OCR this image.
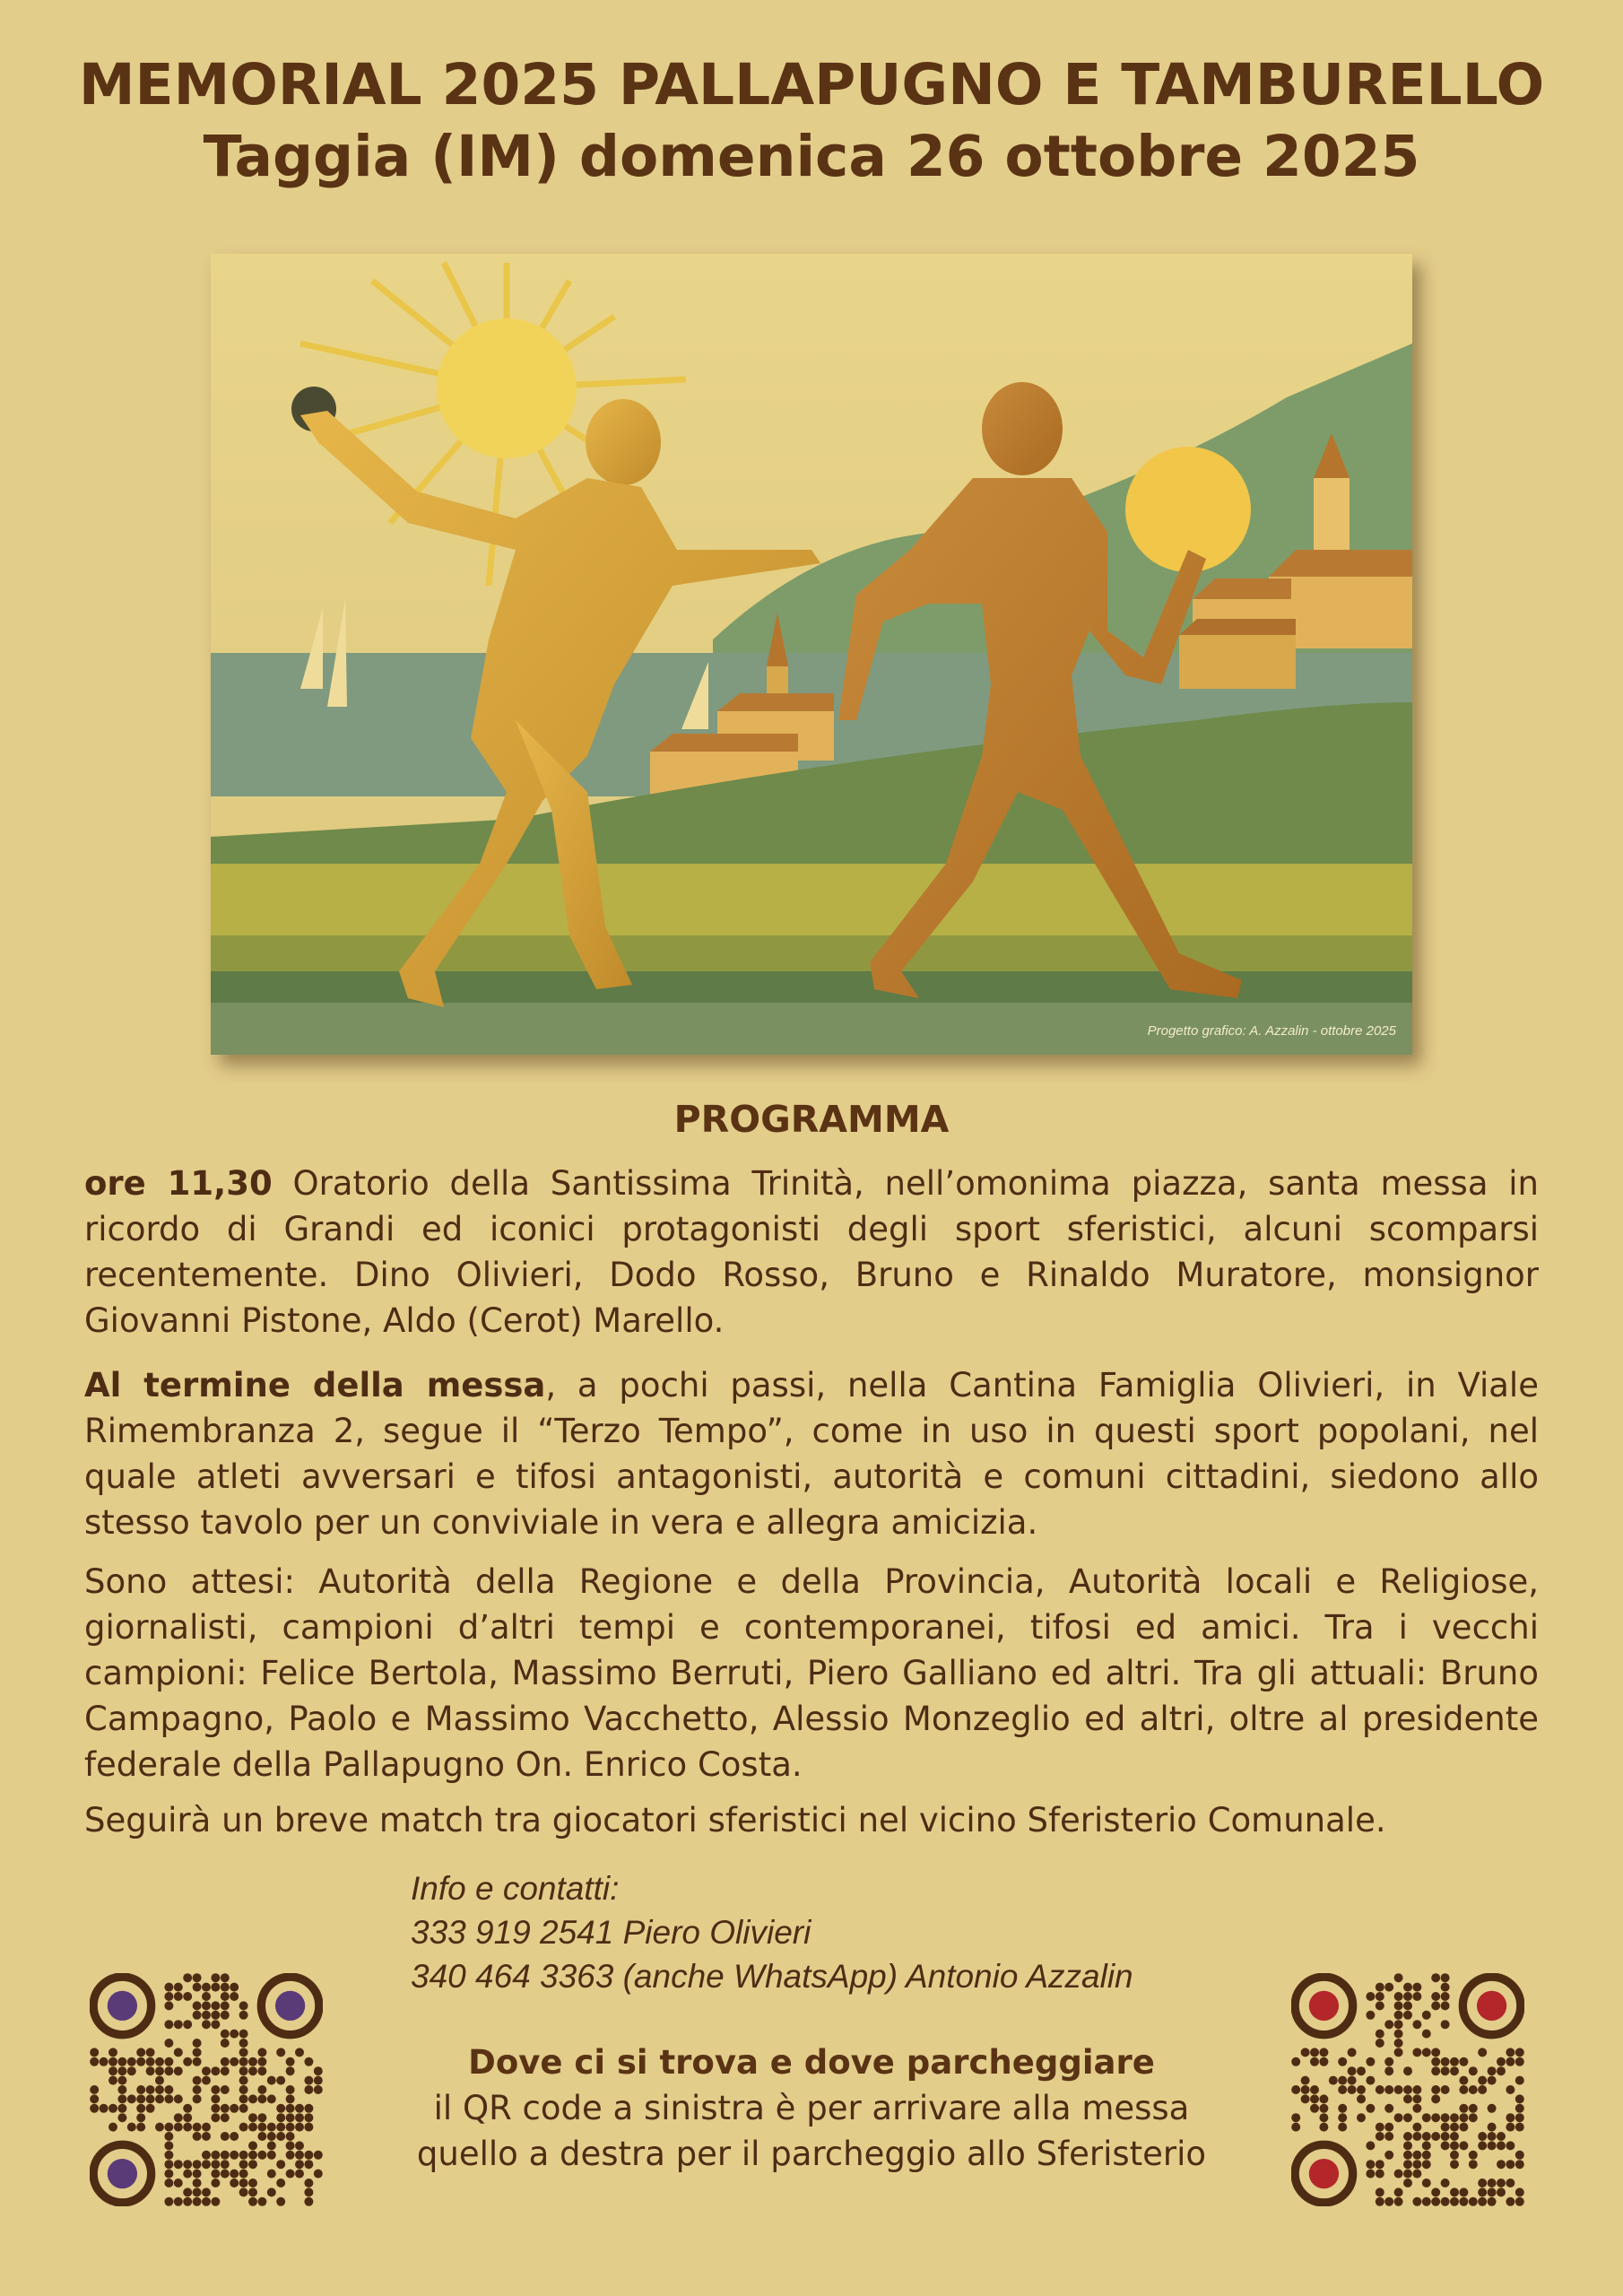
MEMORIAL 2025 PALLAPUGNO E TAMBURELLO
Taggia (IM) domenica 26 ottobre 2025
Progetto grafico: A. Azzalin - ottobre 2025
PROGRAMMA

ore 11,30 Oratorio della Santissima Trinità, nell’omonima piazza, santa messa in ricordo di Grandi ed iconici protagonisti degli sport sferistici, alcuni scomparsi recentemente. Dino Olivieri, Dodo Rosso, Bruno e Rinaldo Muratore, monsignor Giovanni Pistone, Aldo (Cerot) Marello.

Al termine della messa, a pochi passi, nella Cantina Famiglia Olivieri, in Viale Rimembranza 2, segue il “Terzo Tempo”, come in uso in questi sport popolani, nel quale atleti avversari e tifosi antagonisti, autorità e comuni cittadini, siedono allo stesso tavolo per un conviviale in vera e allegra amicizia.

Sono attesi: Autorità della Regione e della Provincia, Autorità locali e Religiose, giornalisti, campioni d’altri tempi e contemporanei, tifosi ed amici. Tra i vecchi campioni: Felice Bertola, Massimo Berruti, Piero Galliano ed altri. Tra gli attuali: Bruno Campagno, Paolo e Massimo Vacchetto, Alessio Monzeglio ed altri, oltre al presidente federale della Pallapugno On. Enrico Costa.

Seguirà un breve match tra giocatori sferistici nel vicino Sferisterio Comunale.

Info e contatti:
333 919 2541 Piero Olivieri
340 464 3363 (anche WhatsApp) Antonio Azzalin
Dove ci si trova e dove parcheggiare
il QR code a sinistra è per arrivare alla messa
quello a destra per il parcheggio allo Sferisterio
